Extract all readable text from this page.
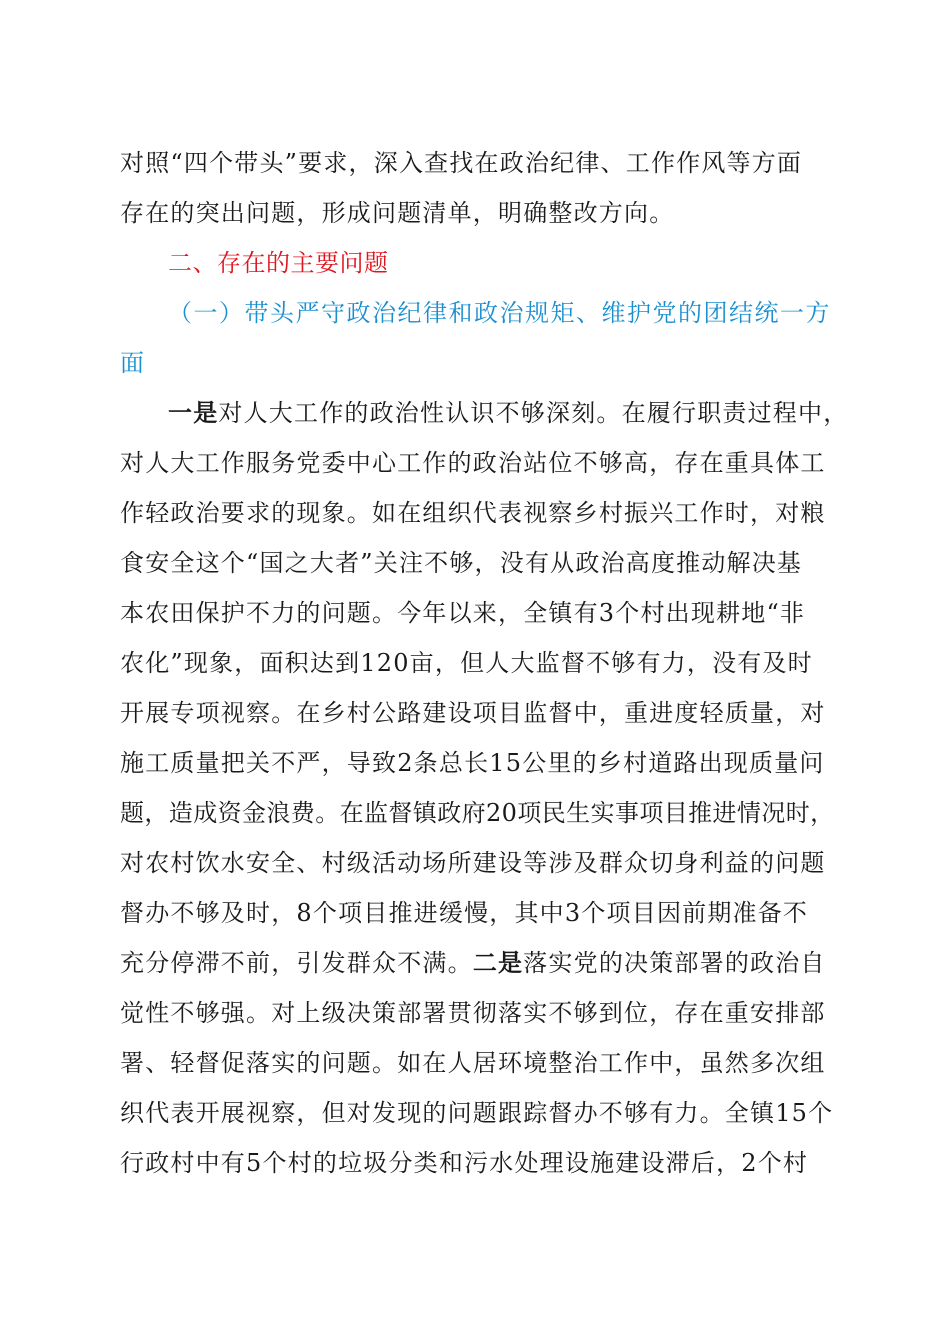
对照“四个带头”要求，深入查找在政治纪律、工作作风等方面
存在的突出问题，形成问题清单，明确整改方向。
二、存在的主要问题
（一）带头严守政治纪律和政治规矩、维护党的团结统一方
面
一是对人大工作的政治性认识不够深刻。在履行职责过程中，
对人大工作服务党委中心工作的政治站位不够高，存在重具体工
作轻政治要求的现象。如在组织代表视察乡村振兴工作时，对粮
食安全这个“国之大者”关注不够，没有从政治高度推动解决基
本农田保护不力的问题。今年以来，全镇有3个村出现耕地“非
农化”现象，面积达到120亩，但人大监督不够有力，没有及时
开展专项视察。在乡村公路建设项目监督中，重进度轻质量，对
施工质量把关不严，导致2条总长15公里的乡村道路出现质量问
题，造成资金浪费。在监督镇政府20项民生实事项目推进情况时，
对农村饮水安全、村级活动场所建设等涉及群众切身利益的问题
督办不够及时，8个项目推进缓慢，其中3个项目因前期准备不
充分停滞不前，引发群众不满。二是落实党的决策部署的政治自
觉性不够强。对上级决策部署贯彻落实不够到位，存在重安排部
署、轻督促落实的问题。如在人居环境整治工作中，虽然多次组
织代表开展视察，但对发现的问题跟踪督办不够有力。全镇15个
行政村中有5个村的垃圾分类和污水处理设施建设滞后，2个村
